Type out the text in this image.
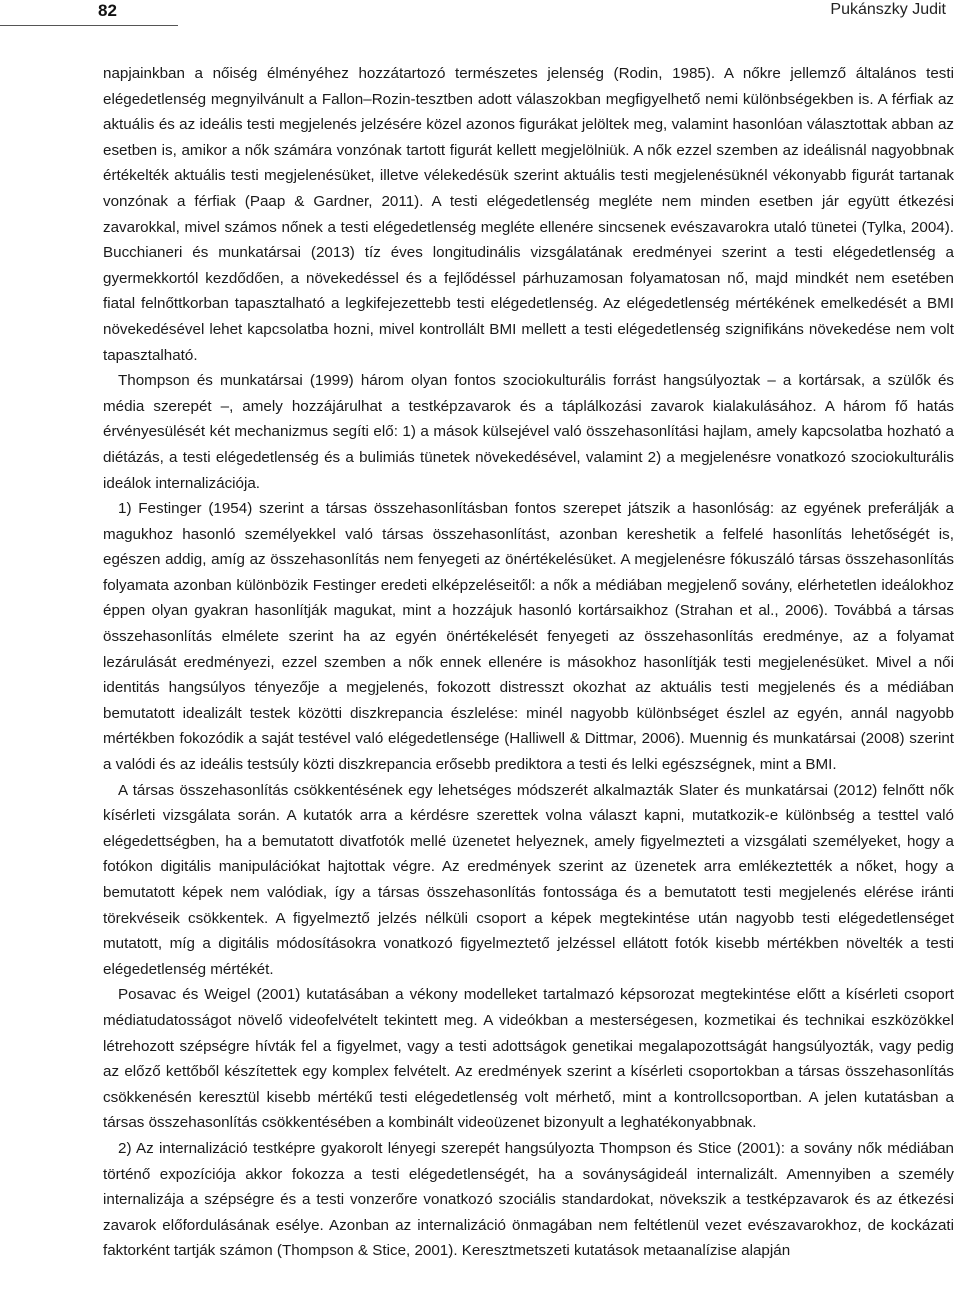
82	Pukánszky Judit

napjainkban a nőiség élményéhez hozzátartozó természetes jelenség (Rodin, 1985). A nőkre jellemző általános testi elégedetlenség megnyilvánult a Fallon–Rozin-tesztben adott válaszokban megfigyelhető nemi különbségekben is. A férfiak az aktuális és az ideális testi megjelenés jelzésére közel azonos figurákat jelöltek meg, valamint hasonlóan választottak abban az esetben is, amikor a nők számára vonzónak tartott figurát kellett megjelölniük. A nők ezzel szemben az ideálisnál nagyobbnak értékelték aktuális testi megjelenésüket, illetve vélekedésük szerint aktuális testi megjelenésüknél vékonyabb figurát tartanak vonzónak a férfiak (Paap & Gardner, 2011). A testi elégedetlenség megléte nem minden esetben jár együtt étkezési zavarokkal, mivel számos nőnek a testi elégedetlenség megléte ellenére sincsenek evészavarokra utaló tünetei (Tylka, 2004). Bucchianeri és munkatársai (2013) tíz éves longitudinális vizsgálatának eredményei szerint a testi elégedetlenség a gyermekkortól kezdődően, a növekedéssel és a fejlődéssel párhuzamosan folyamatosan nő, majd mindkét nem esetében fiatal felnőttkorban tapasztalható a legkifejezettebb testi elégedetlenség. Az elégedetlenség mértékének emelkedését a BMI növekedésével lehet kapcsolatba hozni, mivel kontrollált BMI mellett a testi elégedetlenség szignifikáns növekedése nem volt tapasztalható.

Thompson és munkatársai (1999) három olyan fontos szociokulturális forrást hangsúlyoztak – a kortársak, a szülők és média szerepét –, amely hozzájárulhat a testképzavarok és a táplálkozási zavarok kialakulásához. A három fő hatás érvényesülését két mechanizmus segíti elő: 1) a mások külsejével való összehasonlítási hajlam, amely kapcsolatba hozható a diétázás, a testi elégedetlenség és a bulimiás tünetek növekedésével, valamint 2) a megjelenésre vonatkozó szociokulturális ideálok internalizációja.

1) Festinger (1954) szerint a társas összehasonlításban fontos szerepet játszik a hasonlóság: az egyének preferálják a magukhoz hasonló személyekkel való társas összehasonlítást, azonban kereshetik a felfelé hasonlítás lehetőségét is, egészen addig, amíg az összehasonlítás nem fenyegeti az önértékelésüket. A megjelenésre fókuszáló társas összehasonlítás folyamata azonban különbözik Festinger eredeti elképzeléseitől: a nők a médiában megjelenő sovány, elérhetetlen ideálokhoz éppen olyan gyakran hasonlítják magukat, mint a hozzájuk hasonló kortársaikhoz (Strahan et al., 2006). Továbbá a társas összehasonlítás elmélete szerint ha az egyén önértékelését fenyegeti az összehasonlítás eredménye, az a folyamat lezárulását eredményezi, ezzel szemben a nők ennek ellenére is másokhoz hasonlítják testi megjelenésüket. Mivel a női identitás hangsúlyos tényezője a megjelenés, fokozott distresszt okozhat az aktuális testi megjelenés és a médiában bemutatott idealizált testek közötti diszkrepancia észlelése: minél nagyobb különbséget észlel az egyén, annál nagyobb mértékben fokozódik a saját testével való elégedetlensége (Halliwell & Dittmar, 2006). Muennig és munkatársai (2008) szerint a valódi és az ideális testsúly közti diszkrepancia erősebb prediktora a testi és lelki egészségnek, mint a BMI.

A társas összehasonlítás csökkentésének egy lehetséges módszerét alkalmazták Slater és munkatársai (2012) felnőtt nők kísérleti vizsgálata során. A kutatók arra a kérdésre szerettek volna választ kapni, mutatkozik-e különbség a testtel való elégedettségben, ha a bemutatott divatfotók mellé üzenetet helyeznek, amely figyelmezteti a vizsgálati személyeket, hogy a fotókon digitális manipulációkat hajtottak végre. Az eredmények szerint az üzenetek arra emlékeztették a nőket, hogy a bemutatott képek nem valódiak, így a társas összehasonlítás fontossága és a bemutatott testi megjelenés elérése iránti törekvéseik csökkentek. A figyelmeztő jelzés nélküli csoport a képek megtekintése után nagyobb testi elégedetlenséget mutatott, míg a digitális módosításokra vonatkozó figyelmeztető jelzéssel ellátott fotók kisebb mértékben növelték a testi elégedetlenség mértékét.

Posavac és Weigel (2001) kutatásában a vékony modelleket tartalmazó képsorozat megtekintése előtt a kísérleti csoport médiatudatosságot növelő videofelvételt tekintett meg. A videókban a mesterségesen, kozmetikai és technikai eszközökkel létrehozott szépségre hívták fel a figyelmet, vagy a testi adottságok genetikai megalapozottságát hangsúlyozták, vagy pedig az előző kettőből készítettek egy komplex felvételt. Az eredmények szerint a kísérleti csoportokban a társas összehasonlítás csökkenésén keresztül kisebb mértékű testi elégedetlenség volt mérhető, mint a kontrollcsoportban. A jelen kutatásban a társas összehasonlítás csökkentésében a kombinált videoüzenet bizonyult a leghatékonyabbnak.

2) Az internalizáció testképre gyakorolt lényegi szerepét hangsúlyozta Thompson és Stice (2001): a sovány nők médiában történő expozíciója akkor fokozza a testi elégedetlenségét, ha a soványságideál internalizált. Amennyiben a személy internalizája a szépségre és a testi vonzerőre vonatkozó szociális standardokat, növekszik a testképzavarok és az étkezési zavarok előfordulásának esélye. Azonban az internalizáció önmagában nem feltétlenül vezet evészavarokhoz, de kockázati faktorként tartják számon (Thompson & Stice, 2001). Keresztmetszeti kutatások metaanalízise alapján
